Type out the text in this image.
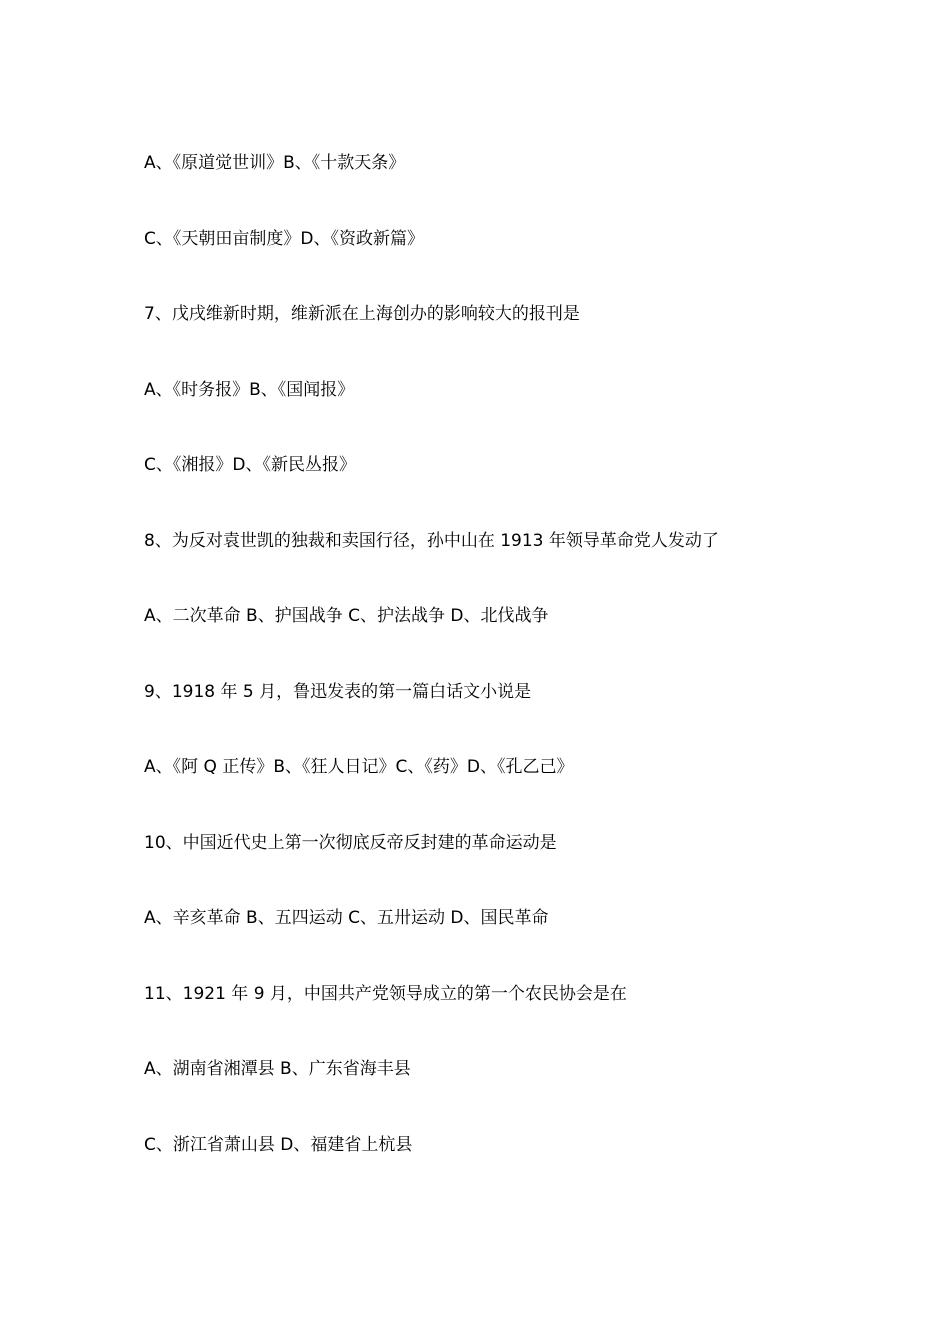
A、《原道觉世训》B、《十款天条》
C、《天朝田亩制度》D、《资政新篇》
7、戊戌维新时期，维新派在上海创办的影响较大的报刊是
A、《时务报》B、《国闻报》
C、《湘报》D、《新民丛报》
8、为反对袁世凯的独裁和卖国行径，孙中山在 1913 年领导革命党人发动了
A、二次革命 B、护国战争 C、护法战争 D、北伐战争
9、1918 年 5 月，鲁迅发表的第一篇白话文小说是
A、《阿 Q 正传》B、《狂人日记》C、《药》D、《孔乙己》
10、中国近代史上第一次彻底反帝反封建的革命运动是
A、辛亥革命 B、五四运动 C、五卅运动 D、国民革命
11、1921 年 9 月，中国共产党领导成立的第一个农民协会是在
A、湖南省湘潭县 B、广东省海丰县
C、浙江省萧山县 D、福建省上杭县
